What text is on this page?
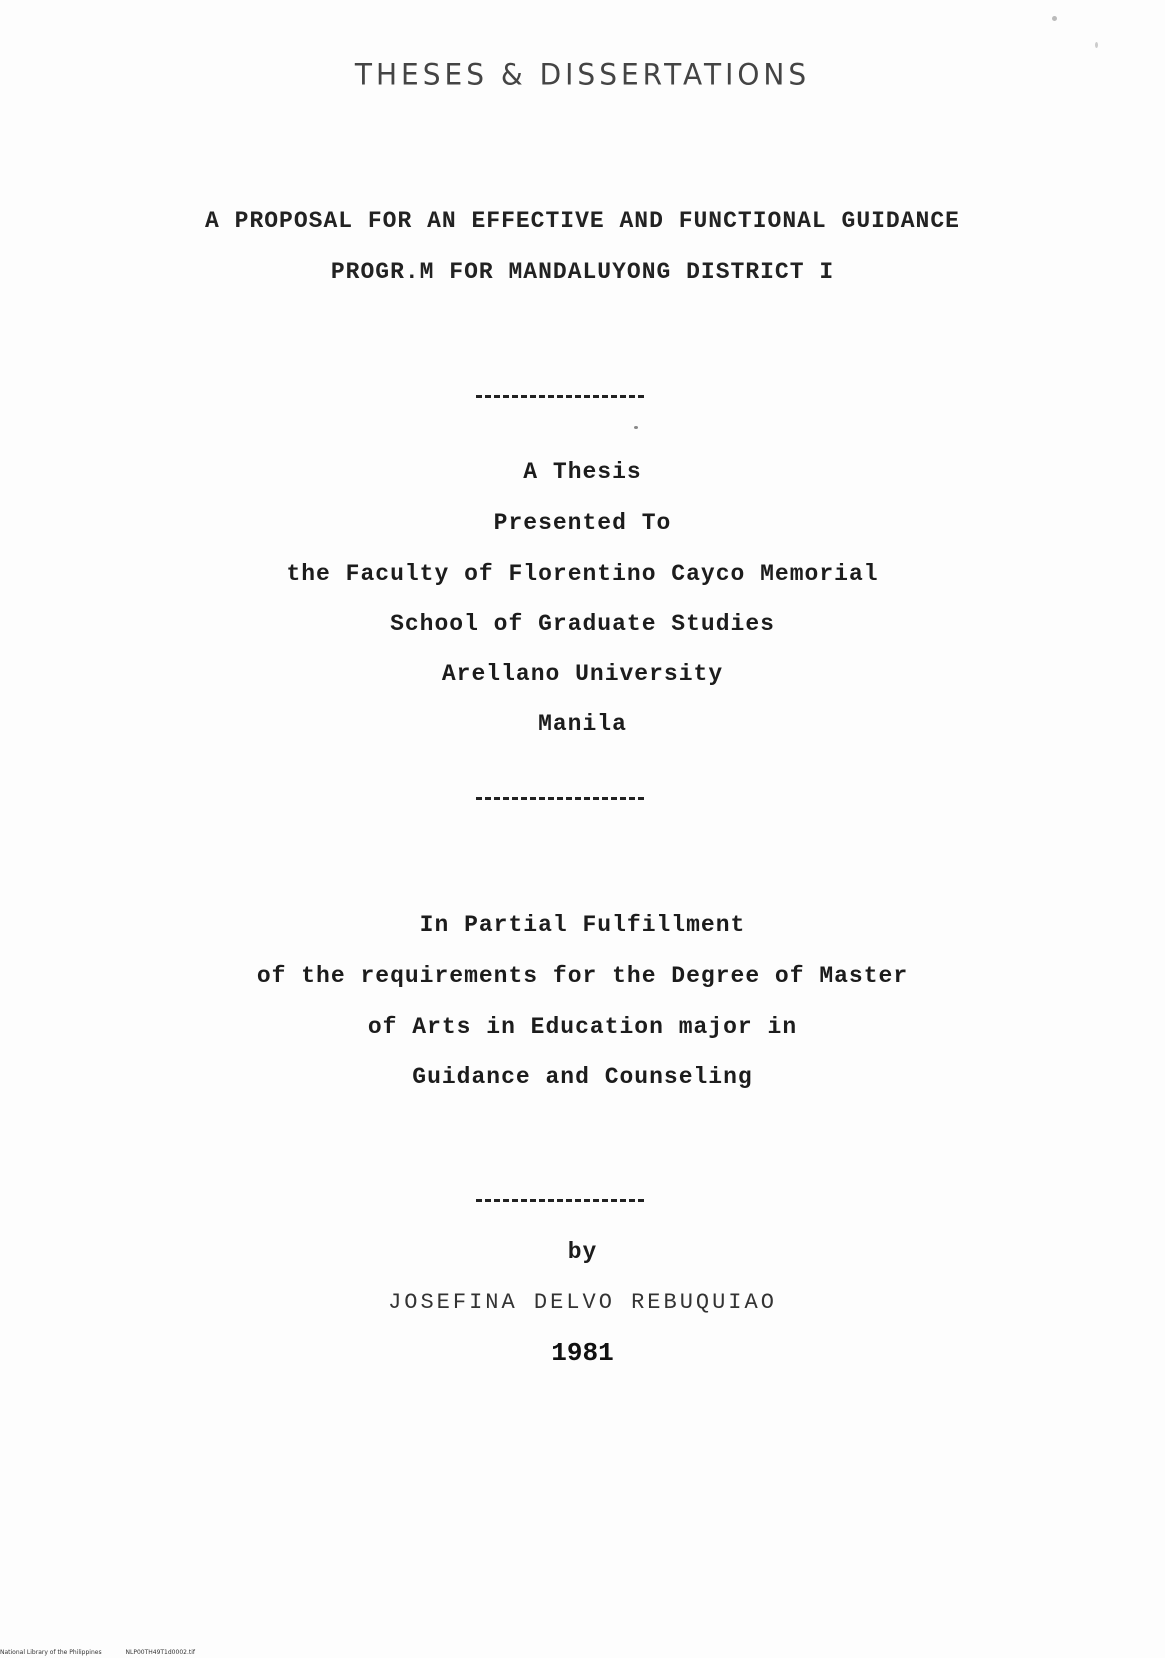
THESES & DISSERTATIONS
A PROPOSAL FOR AN EFFECTIVE AND FUNCTIONAL GUIDANCE
PROGR.M FOR MANDALUYONG DISTRICT I
A Thesis
Presented To
the Faculty of Florentino Cayco Memorial
School of Graduate Studies
Arellano University
Manila
In Partial Fulfillment
of the requirements for the Degree of Master
of Arts in Education major in
Guidance and Counseling
by
JOSEFINA DELVO REBUQUIAO
1981
National Library of the Philippines	NLP00TH49T1d0002.tif
